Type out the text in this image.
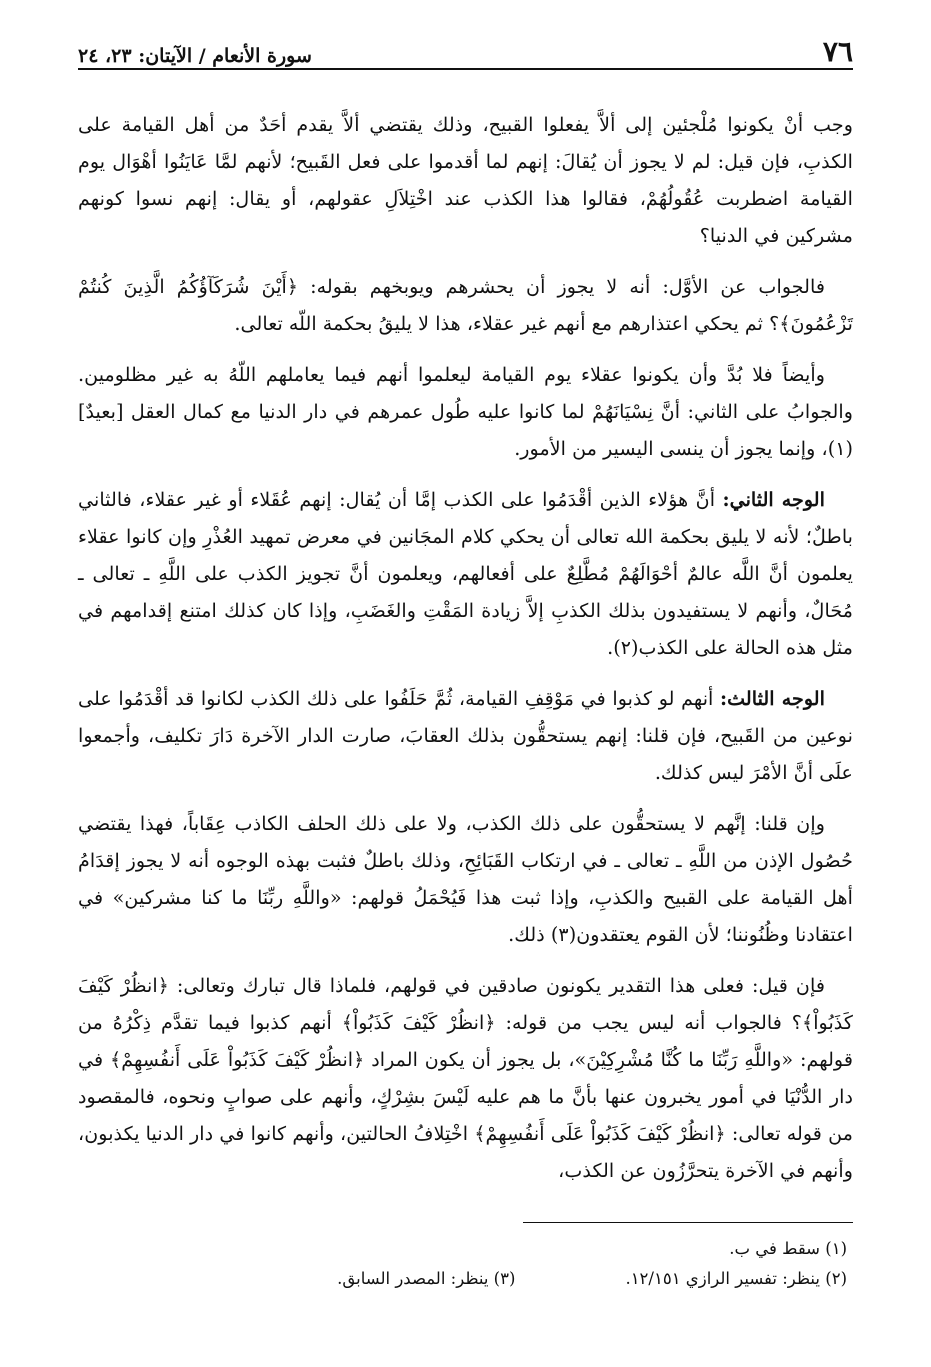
٧٦
سورة الأنعام / الآيتان: ٢٣، ٢٤

وجب أنْ يكونوا مُلْجئين إلى ألاَّ يفعلوا القبيح، وذلك يقتضي ألاَّ يقدم أحَدٌ من أهل القيامة على الكذبِ، فإن قيل: لم لا يجوز أن يُقالَ: إنهم لما أقدموا على فعل القَبيح؛ لأنهم لمَّا عَايَنُوا أهْوَال يوم القيامة اضطربت عُقُولُهُمْ، فقالوا هذا الكذب عند اخْتِلاَلِ عقولهم، أو يقال: إنهم نسوا كونهم مشركين في الدنيا؟

فالجواب عن الأوَّل: أنه لا يجوز أن يحشرهم ويوبخهم بقوله: ﴿أَيْنَ شُرَكَآؤُكُمُ الَّذِينَ كُنتُمْ تَزْعُمُونَ﴾؟ ثم يحكي اعتذارهم مع أنهم غير عقلاء، هذا لا يليقُ بحكمة اللّه تعالى.

وأيضاً فلا بُدَّ وأن يكونوا عقلاء يوم القيامة ليعلموا أنهم فيما يعاملهم اللّهُ به غير مظلومين. والجوابُ على الثاني: أنَّ نِسْيَانَهُمْ لما كانوا عليه طُول عمرهم في دار الدنيا مع كمال العقل [بعيدٌ](١)، وإنما يجوز أن ينسى اليسير من الأمور.

الوجه الثاني: أنَّ هؤلاء الذين أقْدَمُوا على الكذب إمَّا أن يُقال: إنهم عُقَلاء أو غير عقلاء، فالثاني باطلٌ؛ لأنه لا يليق بحكمة الله تعالى أن يحكي كلام المجَانين في معرض تمهيد العُذْرِ وإن كانوا عقلاء يعلمون أنَّ اللَّه عالمٌ أحْوَالَهُمْ مُطَّلِعٌ على أفعالهم، ويعلمون أنَّ تجويز الكذب على اللَّهِ ـ تعالى ـ مُحَالٌ، وأنهم لا يستفيدون بذلك الكذبِ إلاَّ زيادة المَقْتِ والغَضَبِ، وإذا كان كذلك امتنع إقدامهم في مثل هذه الحالة على الكذب(٢).

الوجه الثالث: أنهم لو كذبوا في مَوْقِفِ القيامة، ثُمَّ حَلَفُوا على ذلك الكذب لكانوا قد أقْدَمُوا على نوعين من القَبيح، فإن قلنا: إنهم يستحقُّون بذلك العقابَ، صارت الدار الآخرة دَارَ تكليف، وأجمعوا علَى أنَّ الأمْرَ ليس كذلك.

وإن قلنا: إنَّهم لا يستحقُّون على ذلك الكذب، ولا على ذلك الحلف الكاذب عِقَاباً، فهذا يقتضي حُصُول الإذن من اللَّهِ ـ تعالى ـ في ارتكاب القَبَائِحِ، وذلك باطلٌ فثبت بهذه الوجوه أنه لا يجوز إقدَامُ أهل القيامة على القبيح والكذبِ، وإذا ثبت هذا فَيُحْمَلُ قولهم: «واللَّهِ ربِّنَا ما كنا مشركين» في اعتقادنا وظُنُوننا؛ لأن القوم يعتقدون(٣) ذلك.

فإن قيل: فعلى هذا التقدير يكونون صادقين في قولهم، فلماذا قال تبارك وتعالى: ﴿انظُرْ كَيْفَ كَذَبُواْ﴾؟ فالجواب أنه ليس يجب من قوله: ﴿انظُرْ كَيْفَ كَذَبُواْ﴾ أنهم كذبوا فيما تقدَّم ذِكْرُهُ من قولهم: «واللَّهِ رَبِّنَا ما كُنَّا مُشْرِكِيْنَ»، بل يجوز أن يكون المراد ﴿انظُرْ كَيْفَ كَذَبُواْ عَلَى أَنفُسِهِمْ﴾ في دار الدُّنْيَا في أمور يخبرون عنها بأنَّ ما هم عليه لَيْسَ بشِرْكٍ، وأنهم على صوابٍ ونحوه، فالمقصود من قوله تعالى: ﴿انظُرْ كَيْفَ كَذَبُواْ عَلَى أَنفُسِهِمْ﴾ اخْتِلافُ الحالتين، وأنهم كانوا في دار الدنيا يكذبون، وأنهم في الآخرة يتحرَّزُون عن الكذب،

(١) سقط في ب.
(٢) ينظر: تفسير الرازي ١٢/١٥١.
(٣) ينظر: المصدر السابق.
